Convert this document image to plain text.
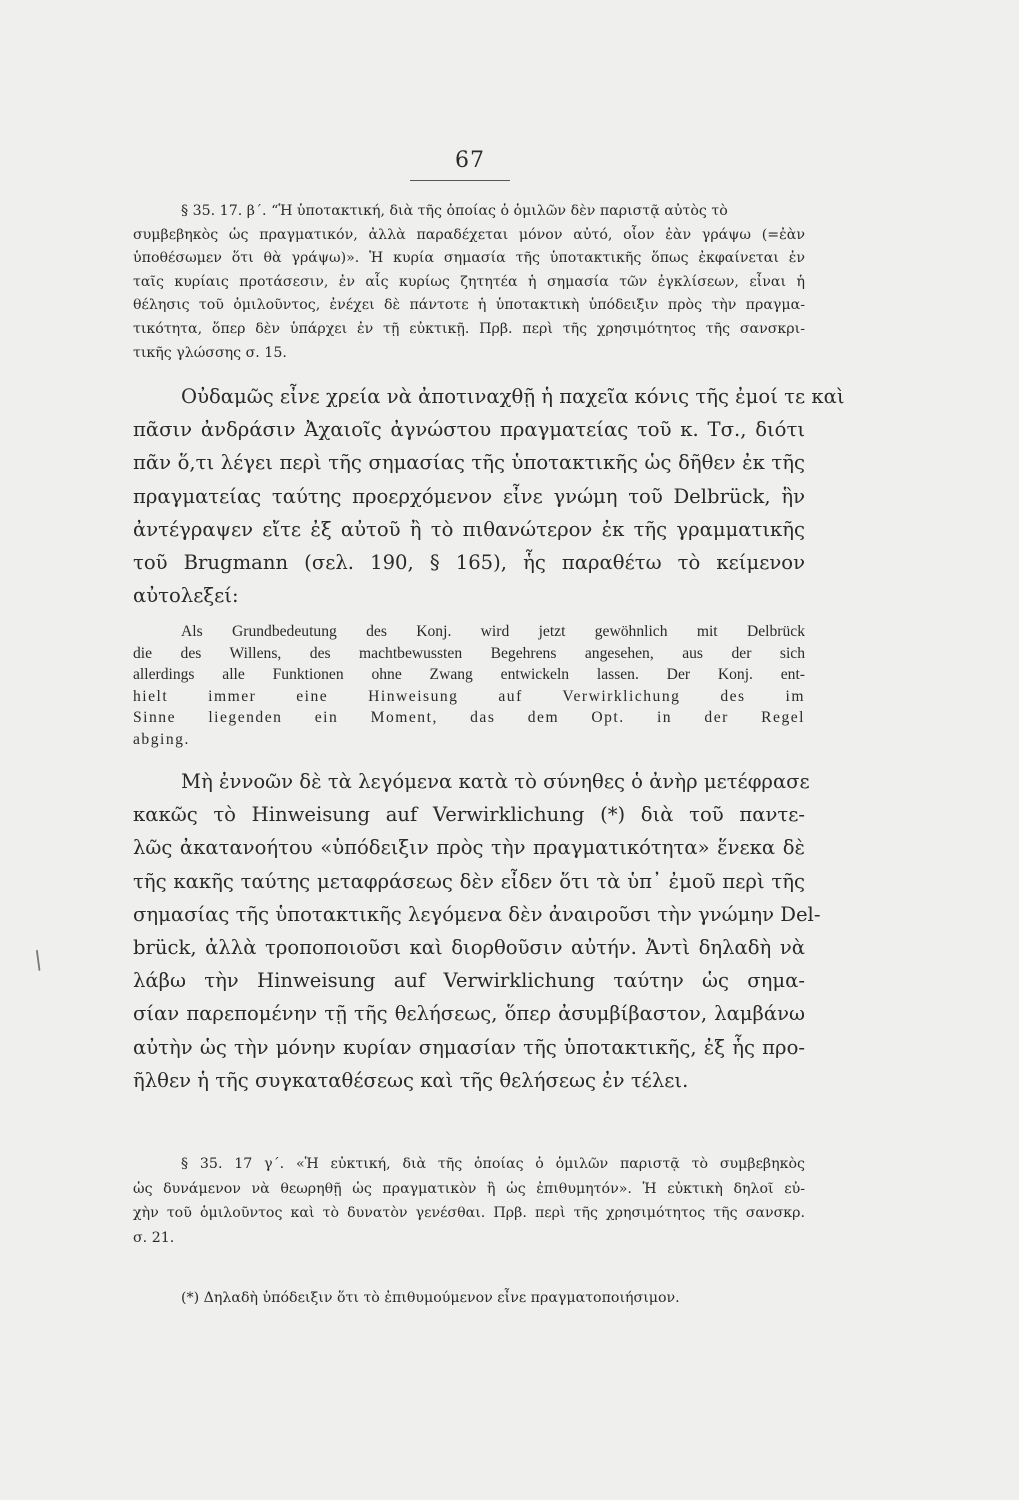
67
§ 35. 17. β΄. “Ἡ ὑποτακτική, διὰ τῆς ὁποίας ὁ ὁμιλῶν δὲν παριστᾷ αὐτὸς τὸ
συμβεβηκὸς ὡς πραγματικόν, ἀλλὰ παραδέχεται μόνον αὐτό, οἷον ἐὰν γράψω (=ἐὰν
ὑποθέσωμεν ὅτι θὰ γράψω)». Ἡ κυρία σημασία τῆς ὑποτακτικῆς ὅπως ἐκφαίνεται ἐν
ταῖς κυρίαις προτάσεσιν, ἐν αἷς κυρίως ζητητέα ἡ σημασία τῶν ἐγκλίσεων, εἶναι ἡ
θέλησις τοῦ ὁμιλοῦντος, ἐνέχει δὲ πάντοτε ἡ ὑποτακτικὴ ὑπόδειξιν πρὸς τὴν πραγμα-
τικότητα, ὅπερ δὲν ὑπάρχει ἐν τῇ εὐκτικῇ. Πρβ. περὶ τῆς χρησιμότητος τῆς σανσκρι-
τικῆς γλώσσης σ. 15.
Οὐδαμῶς εἶνε χρεία νὰ ἀποτιναχθῇ ἡ παχεῖα κόνις τῆς ἐμοί τε καὶ
πᾶσιν ἀνδράσιν Ἀχαιοῖς ἀγνώστου πραγματείας τοῦ κ. Τσ., διότι
πᾶν ὅ,τι λέγει περὶ τῆς σημασίας τῆς ὑποτακτικῆς ὡς δῆθεν ἐκ τῆς
πραγματείας ταύτης προερχόμενον εἶνε γνώμη τοῦ Delbrück, ἣν
ἀντέγραψεν εἴτε ἐξ αὐτοῦ ἢ τὸ πιθανώτερον ἐκ τῆς γραμματικῆς
τοῦ Brugmann (σελ. 190, § 165), ἧς παραθέτω τὸ κείμενον
αὐτολεξεί:
Als Grundbedeutung des Konj. wird jetzt gewöhnlich mit Delbrück
die des Willens, des machtbewussten Begehrens angesehen, aus der sich
allerdings alle Funktionen ohne Zwang entwickeln lassen. Der Konj. ent-
hielt immer eine Hinweisung auf Verwirklichung des im
Sinne liegenden ein Moment, das dem Opt. in der Regel
abging.
Μὴ ἐννοῶν δὲ τὰ λεγόμενα κατὰ τὸ σύνηθες ὁ ἀνὴρ μετέφρασε
κακῶς τὸ Hinweisung auf Verwirklichung (*) διὰ τοῦ παντε-
λῶς ἀκατανοήτου «ὑπόδειξιν πρὸς τὴν πραγματικότητα» ἕνεκα δὲ
τῆς κακῆς ταύτης μεταφράσεως δὲν εἶδεν ὅτι τὰ ὑπ᾽ ἐμοῦ περὶ τῆς
σημασίας τῆς ὑποτακτικῆς λεγόμενα δὲν ἀναιροῦσι τὴν γνώμην Del-
brück, ἀλλὰ τροποποιοῦσι καὶ διορθοῦσιν αὐτήν. Ἀντὶ δηλαδὴ νὰ
λάβω τὴν Hinweisung auf Verwirklichung ταύτην ὡς σημα-
σίαν παρεπομένην τῇ τῆς θελήσεως, ὅπερ ἀσυμβίβαστον, λαμβάνω
αὐτὴν ὡς τὴν μόνην κυρίαν σημασίαν τῆς ὑποτακτικῆς, ἐξ ἧς προ-
ῆλθεν ἡ τῆς συγκαταθέσεως καὶ τῆς θελήσεως ἐν τέλει.
/
§ 35. 17 γ΄. «Ἡ εὐκτική, διὰ τῆς ὁποίας ὁ ὁμιλῶν παριστᾷ τὸ συμβεβηκὸς
ὡς δυνάμενον νὰ θεωρηθῇ ὡς πραγματικὸν ἢ ὡς ἐπιθυμητόν». Ἡ εὐκτικὴ δηλοῖ εὐ-
χὴν τοῦ ὁμιλοῦντος καὶ τὸ δυνατὸν γενέσθαι. Πρβ. περὶ τῆς χρησιμότητος τῆς σανσκρ.
σ. 21.
(*) Δηλαδὴ ὑπόδειξιν ὅτι τὸ ἐπιθυμούμενον εἶνε πραγματοποιήσιμον.
